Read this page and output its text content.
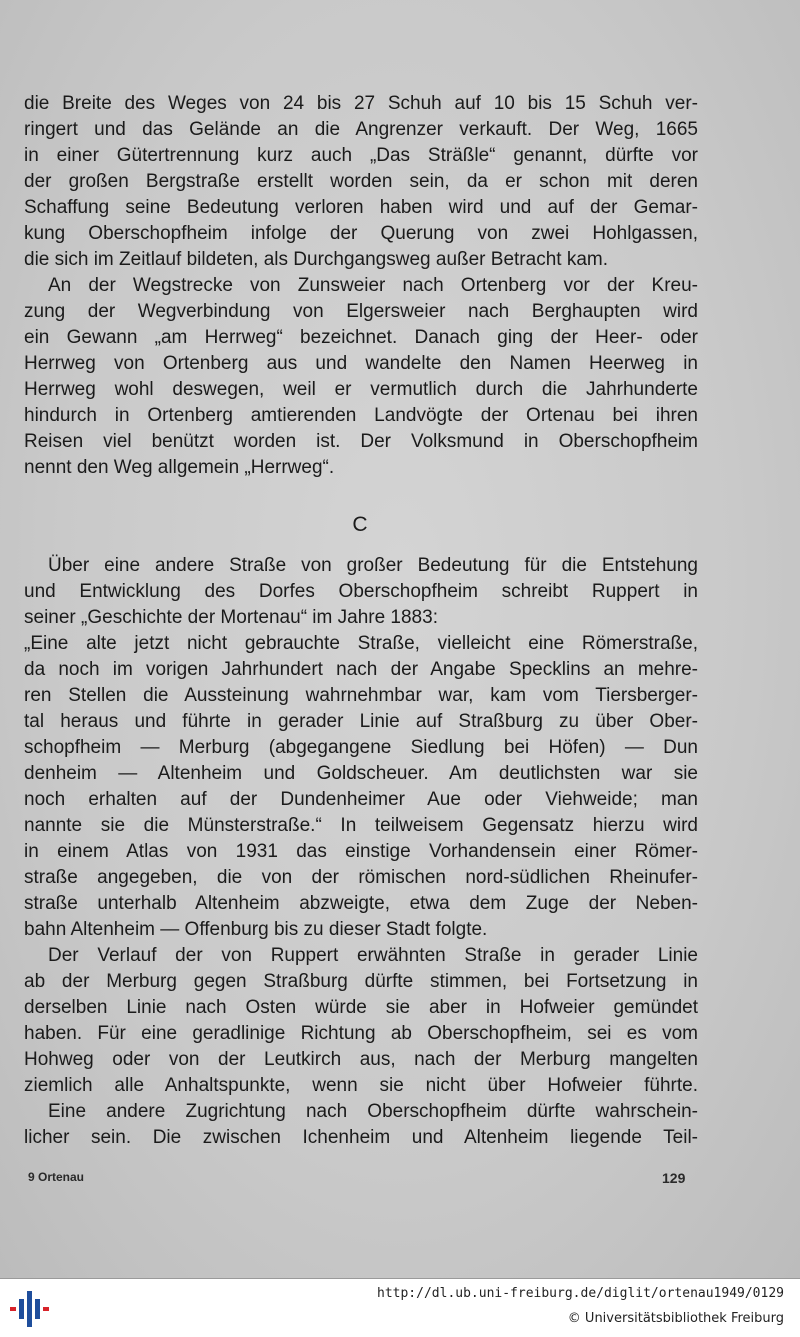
die Breite des Weges von 24 bis 27 Schuh auf 10 bis 15 Schuh ver-
ringert und das Gelände an die Angrenzer verkauft. Der Weg, 1665
in einer Gütertrennung kurz auch „Das Sträßle“ genannt, dürfte vor
der großen Bergstraße erstellt worden sein, da er schon mit deren
Schaffung seine Bedeutung verloren haben wird und auf der Gemar-
kung Oberschopfheim infolge der Querung von zwei Hohlgassen,
die sich im Zeitlauf bildeten, als Durchgangsweg außer Betracht kam.
An der Wegstrecke von Zunsweier nach Ortenberg vor der Kreu-
zung der Wegverbindung von Elgersweier nach Berghaupten wird
ein Gewann „am Herrweg“ bezeichnet. Danach ging der Heer- oder
Herrweg von Ortenberg aus und wandelte den Namen Heerweg in
Herrweg wohl deswegen, weil er vermutlich durch die Jahrhunderte
hindurch in Ortenberg amtierenden Landvögte der Ortenau bei ihren
Reisen viel benützt worden ist. Der Volksmund in Oberschopfheim
nennt den Weg allgemein „Herrweg“.
C
Über eine andere Straße von großer Bedeutung für die Entstehung
und Entwicklung des Dorfes Oberschopfheim schreibt Ruppert in
seiner „Geschichte der Mortenau“ im Jahre 1883:
„Eine alte jetzt nicht gebrauchte Straße, vielleicht eine Römerstraße,
da noch im vorigen Jahrhundert nach der Angabe Specklins an mehre-
ren Stellen die Aussteinung wahrnehmbar war, kam vom Tiersberger-
tal heraus und führte in gerader Linie auf Straßburg zu über Ober-
schopfheim — Merburg (abgegangene Siedlung bei Höfen) — Dun
denheim — Altenheim und Goldscheuer. Am deutlichsten war sie
noch erhalten auf der Dundenheimer Aue oder Viehweide; man
nannte sie die Münsterstraße.“ In teilweisem Gegensatz hierzu wird
in einem Atlas von 1931 das einstige Vorhandensein einer Römer-
straße angegeben, die von der römischen nord-südlichen Rheinufer-
straße unterhalb Altenheim abzweigte, etwa dem Zuge der Neben-
bahn Altenheim — Offenburg bis zu dieser Stadt folgte.
Der Verlauf der von Ruppert erwähnten Straße in gerader Linie
ab der Merburg gegen Straßburg dürfte stimmen, bei Fortsetzung in
derselben Linie nach Osten würde sie aber in Hofweier gemündet
haben. Für eine geradlinige Richtung ab Oberschopfheim, sei es vom
Hohweg oder von der Leutkirch aus, nach der Merburg mangelten
ziemlich alle Anhaltspunkte, wenn sie nicht über Hofweier führte.
Eine andere Zugrichtung nach Oberschopfheim dürfte wahrschein-
licher sein. Die zwischen Ichenheim und Altenheim liegende Teil-
9 Ortenau	129
http://dl.ub.uni-freiburg.de/diglit/ortenau1949/0129
© Universitätsbibliothek Freiburg
